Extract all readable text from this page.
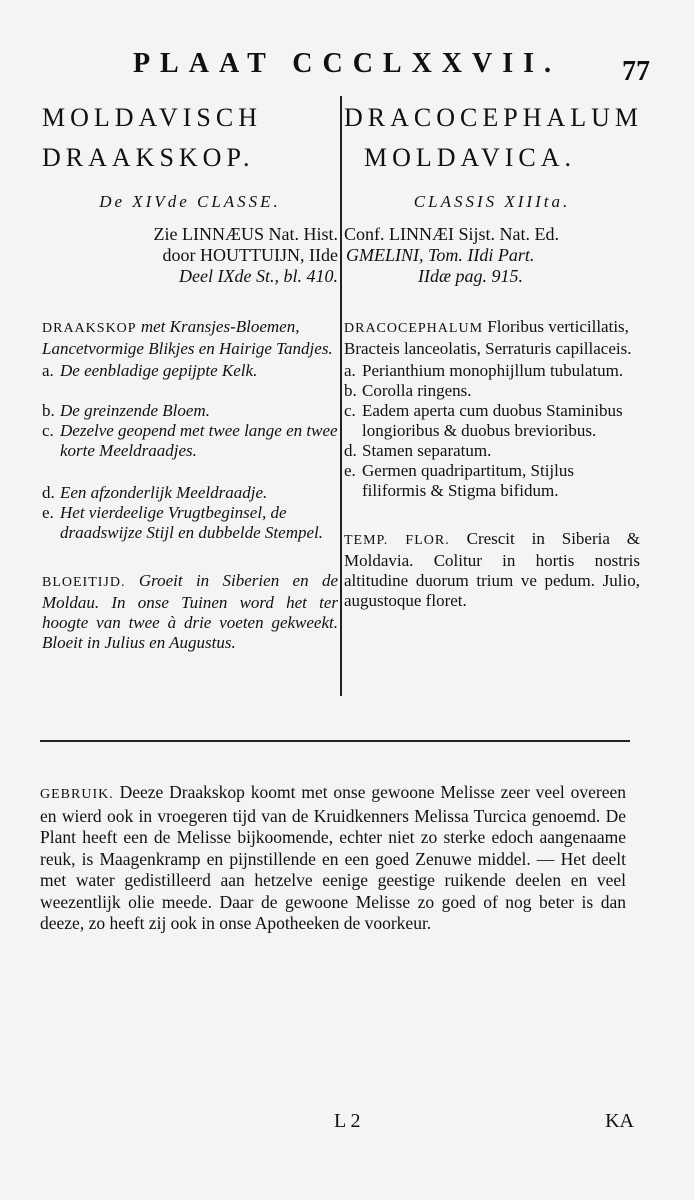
PLAAT CCCLXXVII.	77
MOLDAVISCH
DRAAKSKOP.
De XIVde CLASSE.
Zie LINNÆUS Nat. Hist.
door HOUTTUIJN, IIde
Deel IXde St., bl. 410.
DRAAKSKOP met Kransjes-Bloemen, Lancetvormige Blikjes en Hairige Tandjes.
a. De eenbladige gepijpte Kelk.
b. De greinzende Bloem.
c. Dezelve geopend met twee lange en twee korte Meeldraadjes.
d. Een afzonderlijk Meeldraadje.
e. Het vierdeelige Vrugtbeginsel, de draadswijze Stijl en dubbelde Stempel.
BLOEITIJD. Groeit in Siberien en de Moldau. In onse Tuinen word het ter hoogte van twee à drie voeten gekweekt. Bloeit in Julius en Augustus.
DRACOCEPHALUM
MOLDAVICA.
CLASSIS XIIIta.
Conf. LINNÆI Sijst. Nat. Ed.
GMELINI, Tom. IIdi Part.
IIdæ pag. 915.
DRACOCEPHALUM Floribus verticillatis, Bracteis lanceolatis, Serraturis capillaceis.
a. Perianthium monophijllum tubulatum.
b. Corolla ringens.
c. Eadem aperta cum duobus Staminibus longioribus & duobus brevioribus.
d. Stamen separatum.
e. Germen quadripartitum, Stijlus filiformis & Stigma bifidum.
TEMP. FLOR. Crescit in Siberia & Moldavia. Colitur in hortis nostris altitudine duorum trium ve pedum. Julio, augustoque floret.
GEBRUIK. Deeze Draakskop koomt met onse gewoone Melisse zeer veel overeen en wierd ook in vroegeren tijd van de Kruidkenners Melissa Turcica genoemd. De Plant heeft een de Melisse bijkoomende, echter niet zo sterke edoch aangenaame reuk, is Maagenkramp en pijnstillende en een goed Zenuwe middel. — Het deelt met water gedistilleerd aan hetzelve eenige geestige ruikende deelen en veel weezentlijk olie meede. Daar de gewoone Melisse zo goed of nog beter is dan deeze, zo heeft zij ook in onse Apotheeken de voorkeur.
L 2	KA
